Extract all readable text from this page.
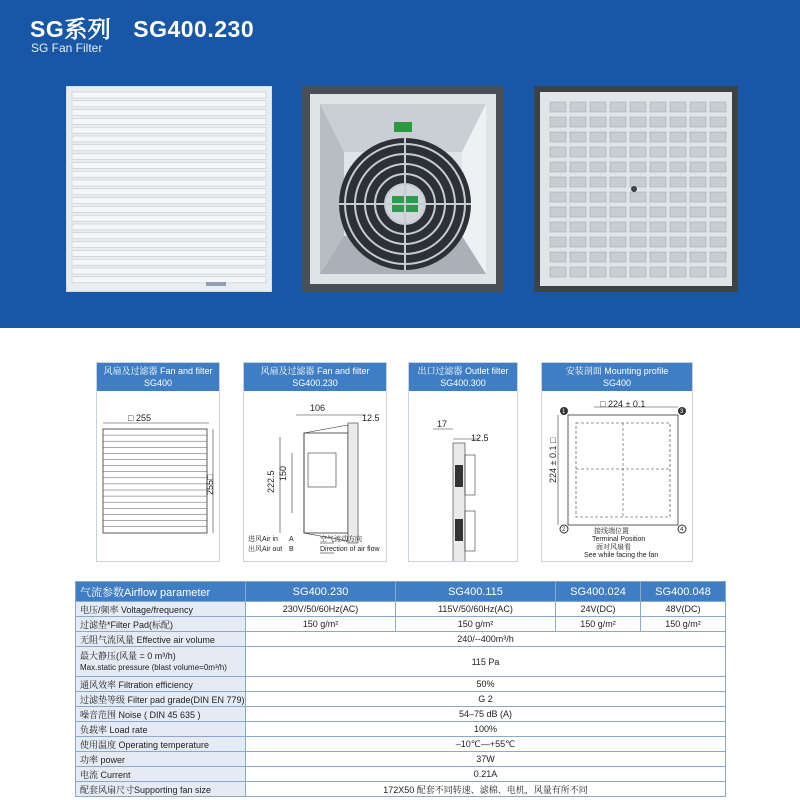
SG系列 SG400.230
SG Fan Filter
风扇及过滤器 Fan and filter
SG400
□ 255
255□
风扇及过滤器 Fan and filter
SG400.230
106
12.5
222.5 150
进风Air in A	空气流动方向
出风Air out B	Direction of air flow
出口过滤器 Outlet filter
SG400.300
17
12.5
安装剖面 Mounting profile
SG400
1	3
2	4
□ 224 ± 0.1
224 ± 0.1 □
接线端位置
Terminal Position
面对风扇看
See while facing the fan
气流参数Airflow parameter	SG400.230	SG400.115	SG400.024	SG400.048
电压/频率 Voltage/frequency	230V/50/60Hz(AC)	115V/50/60Hz(AC)	24V(DC)	48V(DC)
过滤垫*Filter Pad(标配)	150 g/m²	150 g/m²	150 g/m²	150 g/m²
无阻气流风量 Effective air volume	240/--400m³/h			

最大静压(风量 = 0 m³/h)
Max.static pressure (blast volume=0m³/h)	115 Pa			
通风效率 Filtration efficiency	50%			
过滤垫等级 Filter pad grade(DIN EN 779)	G 2			
噪音范围 Noise ( DIN 45 635 )	54–75 dB (A)			
负载率 Load rate	100%			
使用温度 Operating temperature	–10℃—+55℃			
功率 power	37W			
电流 Current	0.21A			
配套风扇尺寸Supporting fan size	172X50 配套不同转速、滤棉、电机，风量有所不同			
